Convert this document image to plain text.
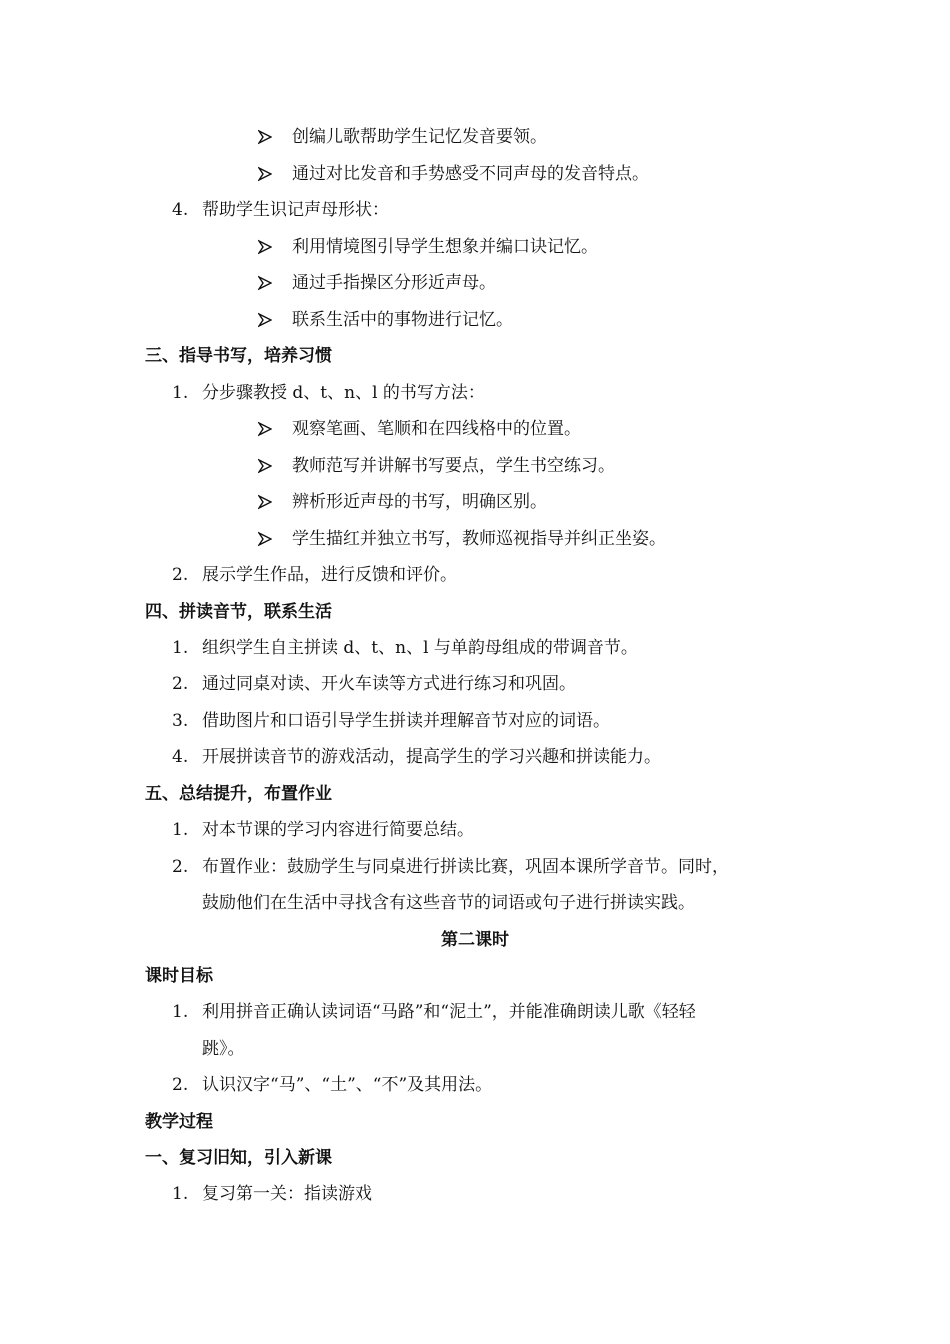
创编儿歌帮助学生记忆发音要领。
通过对比发音和手势感受不同声母的发音特点。
4. 帮助学生识记声母形状：
利用情境图引导学生想象并编口诀记忆。
通过手指操区分形近声母。
联系生活中的事物进行记忆。
三、指导书写，培养习惯
1. 分步骤教授 d、t、n、l 的书写方法：
观察笔画、笔顺和在四线格中的位置。
教师范写并讲解书写要点，学生书空练习。
辨析形近声母的书写，明确区别。
学生描红并独立书写，教师巡视指导并纠正坐姿。
2. 展示学生作品，进行反馈和评价。
四、拼读音节，联系生活
1. 组织学生自主拼读 d、t、n、l 与单韵母组成的带调音节。
2. 通过同桌对读、开火车读等方式进行练习和巩固。
3. 借助图片和口语引导学生拼读并理解音节对应的词语。
4. 开展拼读音节的游戏活动，提高学生的学习兴趣和拼读能力。
五、总结提升，布置作业
1. 对本节课的学习内容进行简要总结。
2. 布置作业：鼓励学生与同桌进行拼读比赛，巩固本课所学音节。同时，
鼓励他们在生活中寻找含有这些音节的词语或句子进行拼读实践。
第二课时
课时目标
1. 利用拼音正确认读词语“马路”和“泥土”，并能准确朗读儿歌《轻轻
跳》。
2. 认识汉字“马”、“土”、“不”及其用法。
教学过程
一、复习旧知，引入新课
1. 复习第一关：指读游戏
